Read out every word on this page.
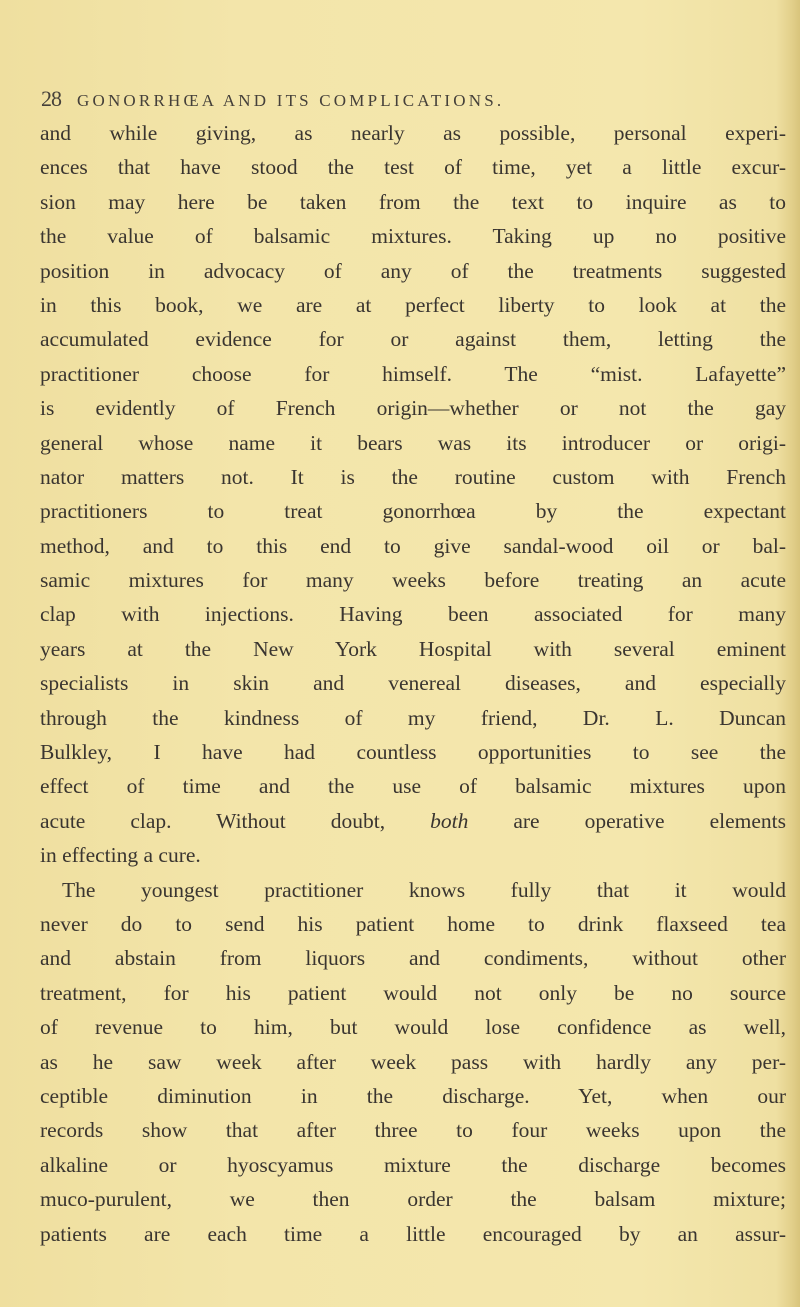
28 GONORRHŒA AND ITS COMPLICATIONS.
and while giving, as nearly as possible, personal experi-
ences that have stood the test of time, yet a little excur-
sion may here be taken from the text to inquire as to
the value of balsamic mixtures. Taking up no positive
position in advocacy of any of the treatments suggested
in this book, we are at perfect liberty to look at the
accumulated evidence for or against them, letting the
practitioner choose for himself. The “mist. Lafayette”
is evidently of French origin—whether or not the gay
general whose name it bears was its introducer or origi-
nator matters not. It is the routine custom with French
practitioners to treat gonorrhœa by the expectant
method, and to this end to give sandal-wood oil or bal-
samic mixtures for many weeks before treating an acute
clap with injections. Having been associated for many
years at the New York Hospital with several eminent
specialists in skin and venereal diseases, and especially
through the kindness of my friend, Dr. L. Duncan
Bulkley, I have had countless opportunities to see the
effect of time and the use of balsamic mixtures upon
acute clap. Without doubt, both are operative elements
in effecting a cure.
The youngest practitioner knows fully that it would
never do to send his patient home to drink flaxseed tea
and abstain from liquors and condiments, without other
treatment, for his patient would not only be no source
of revenue to him, but would lose confidence as well,
as he saw week after week pass with hardly any per-
ceptible diminution in the discharge. Yet, when our
records show that after three to four weeks upon the
alkaline or hyoscyamus mixture the discharge becomes
muco-purulent, we then order the balsam mixture;
patients are each time a little encouraged by an assur-
